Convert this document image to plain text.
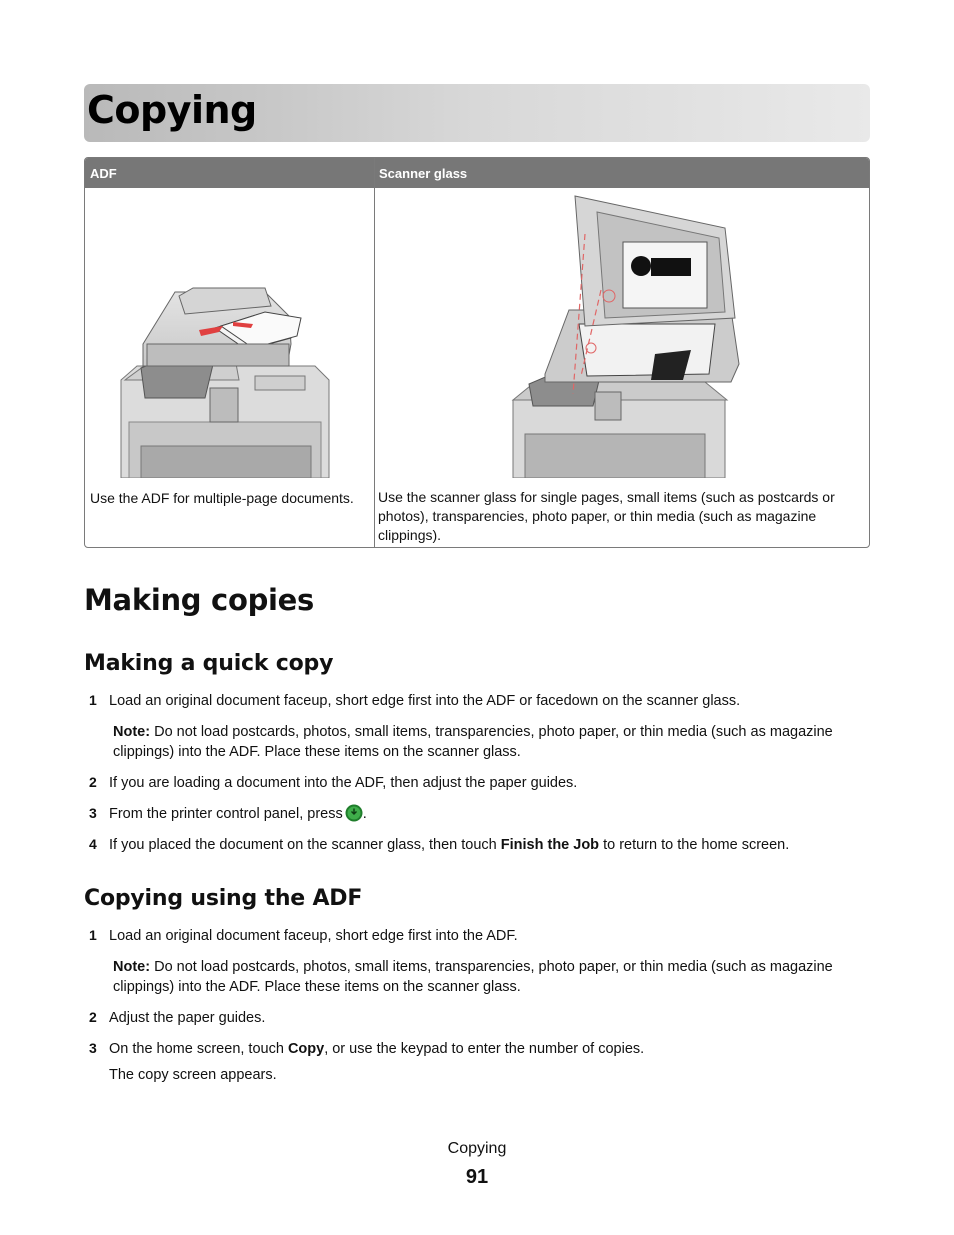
Copying
ADF	Scanner glass
Use the ADF for multiple-page documents.	Use the scanner glass for single pages, small items (such as postcards or photos), transparencies, photo paper, or thin media (such as magazine clippings).
Making copies
Making a quick copy
1 Load an original document faceup, short edge first into the ADF or facedown on the scanner glass.
Note: Do not load postcards, photos, small items, transparencies, photo paper, or thin media (such as magazine clippings) into the ADF. Place these items on the scanner glass.
2 If you are loading a document into the ADF, then adjust the paper guides.
3 From the printer control panel, press .
4 If you placed the document on the scanner glass, then touch Finish the Job to return to the home screen.
Copying using the ADF
1 Load an original document faceup, short edge first into the ADF.
Note: Do not load postcards, photos, small items, transparencies, photo paper, or thin media (such as magazine clippings) into the ADF. Place these items on the scanner glass.
2 Adjust the paper guides.
3 On the home screen, touch Copy, or use the keypad to enter the number of copies.
The copy screen appears.
Copying
91
